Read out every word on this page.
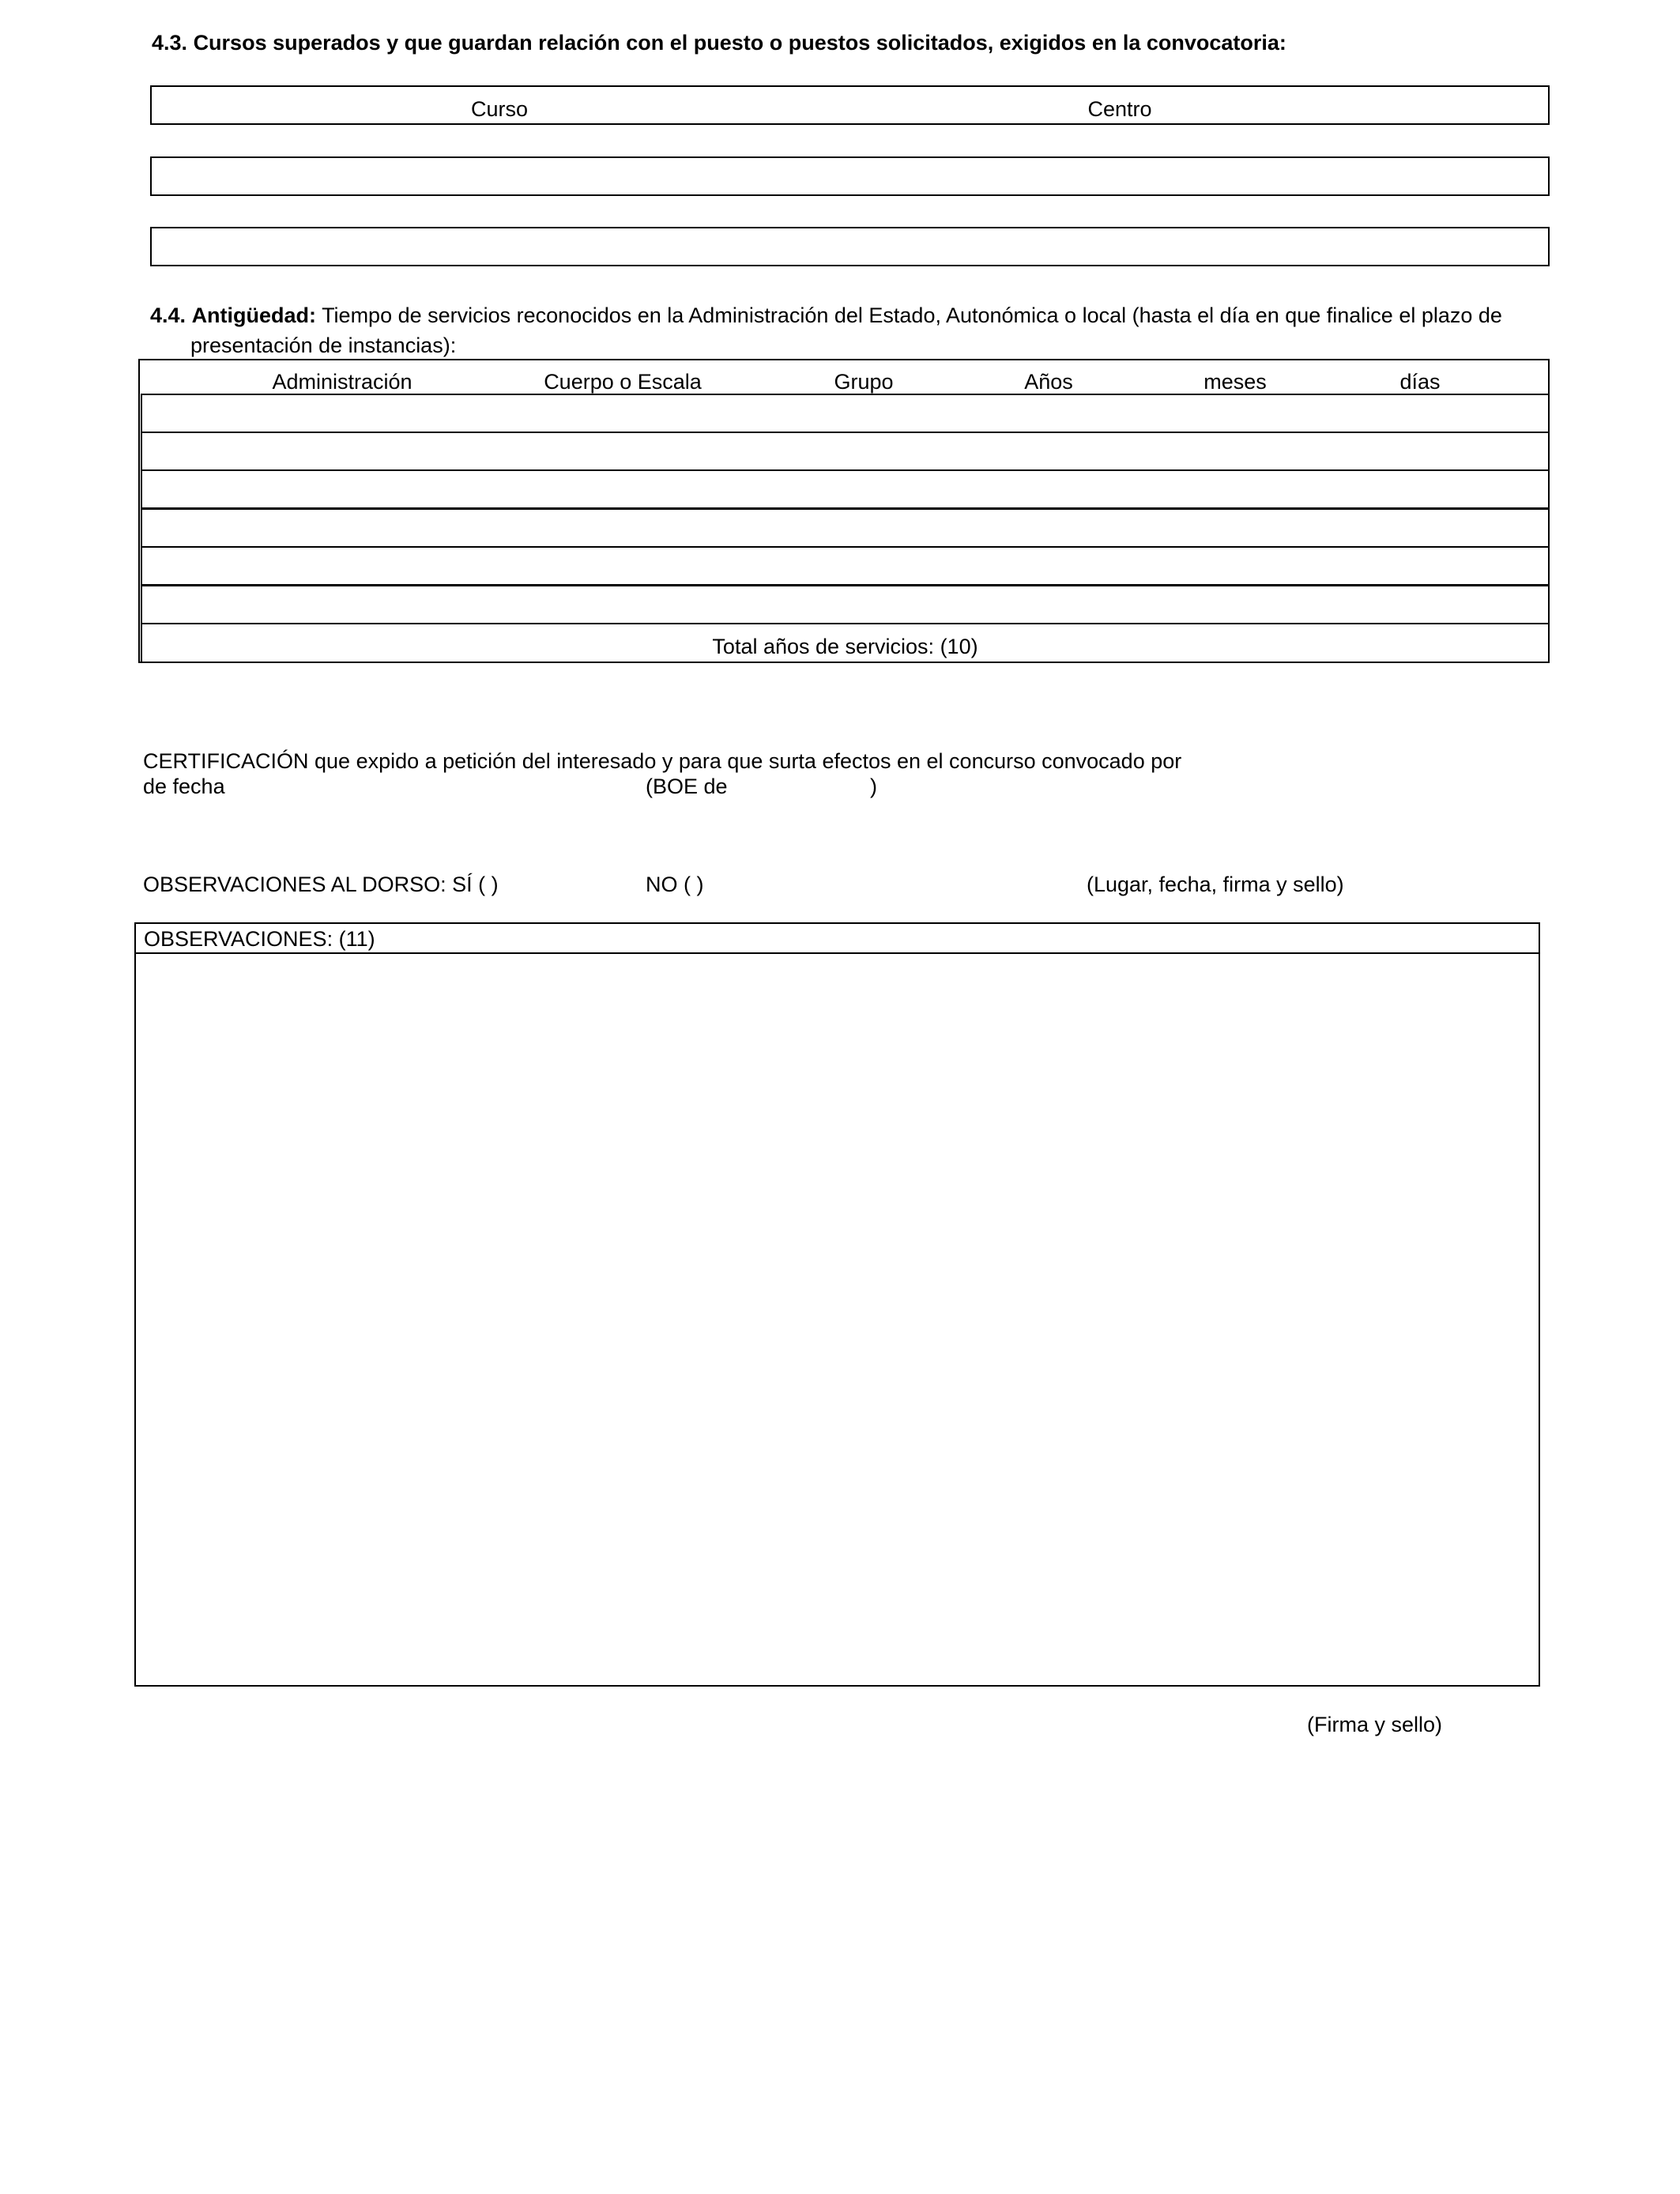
4.3. Cursos superados y que guardan relación con el puesto o puestos solicitados, exigidos en la convocatoria:
Curso	Centro
4.4. Antigüedad: Tiempo de servicios reconocidos en la Administración del Estado, Autonómica o local (hasta el día en que finalice el plazo de
presentación de instancias):
Administración	Cuerpo o Escala	Grupo	Años	meses	días
Total años de servicios: (10)
CERTIFICACIÓN que expido a petición del interesado y para que surta efectos en el concurso convocado por
de fecha	(BOE de	)
OBSERVACIONES AL DORSO: SÍ ( )	NO ( )	(Lugar, fecha, firma y sello)
OBSERVACIONES: (11)
(Firma y sello)
